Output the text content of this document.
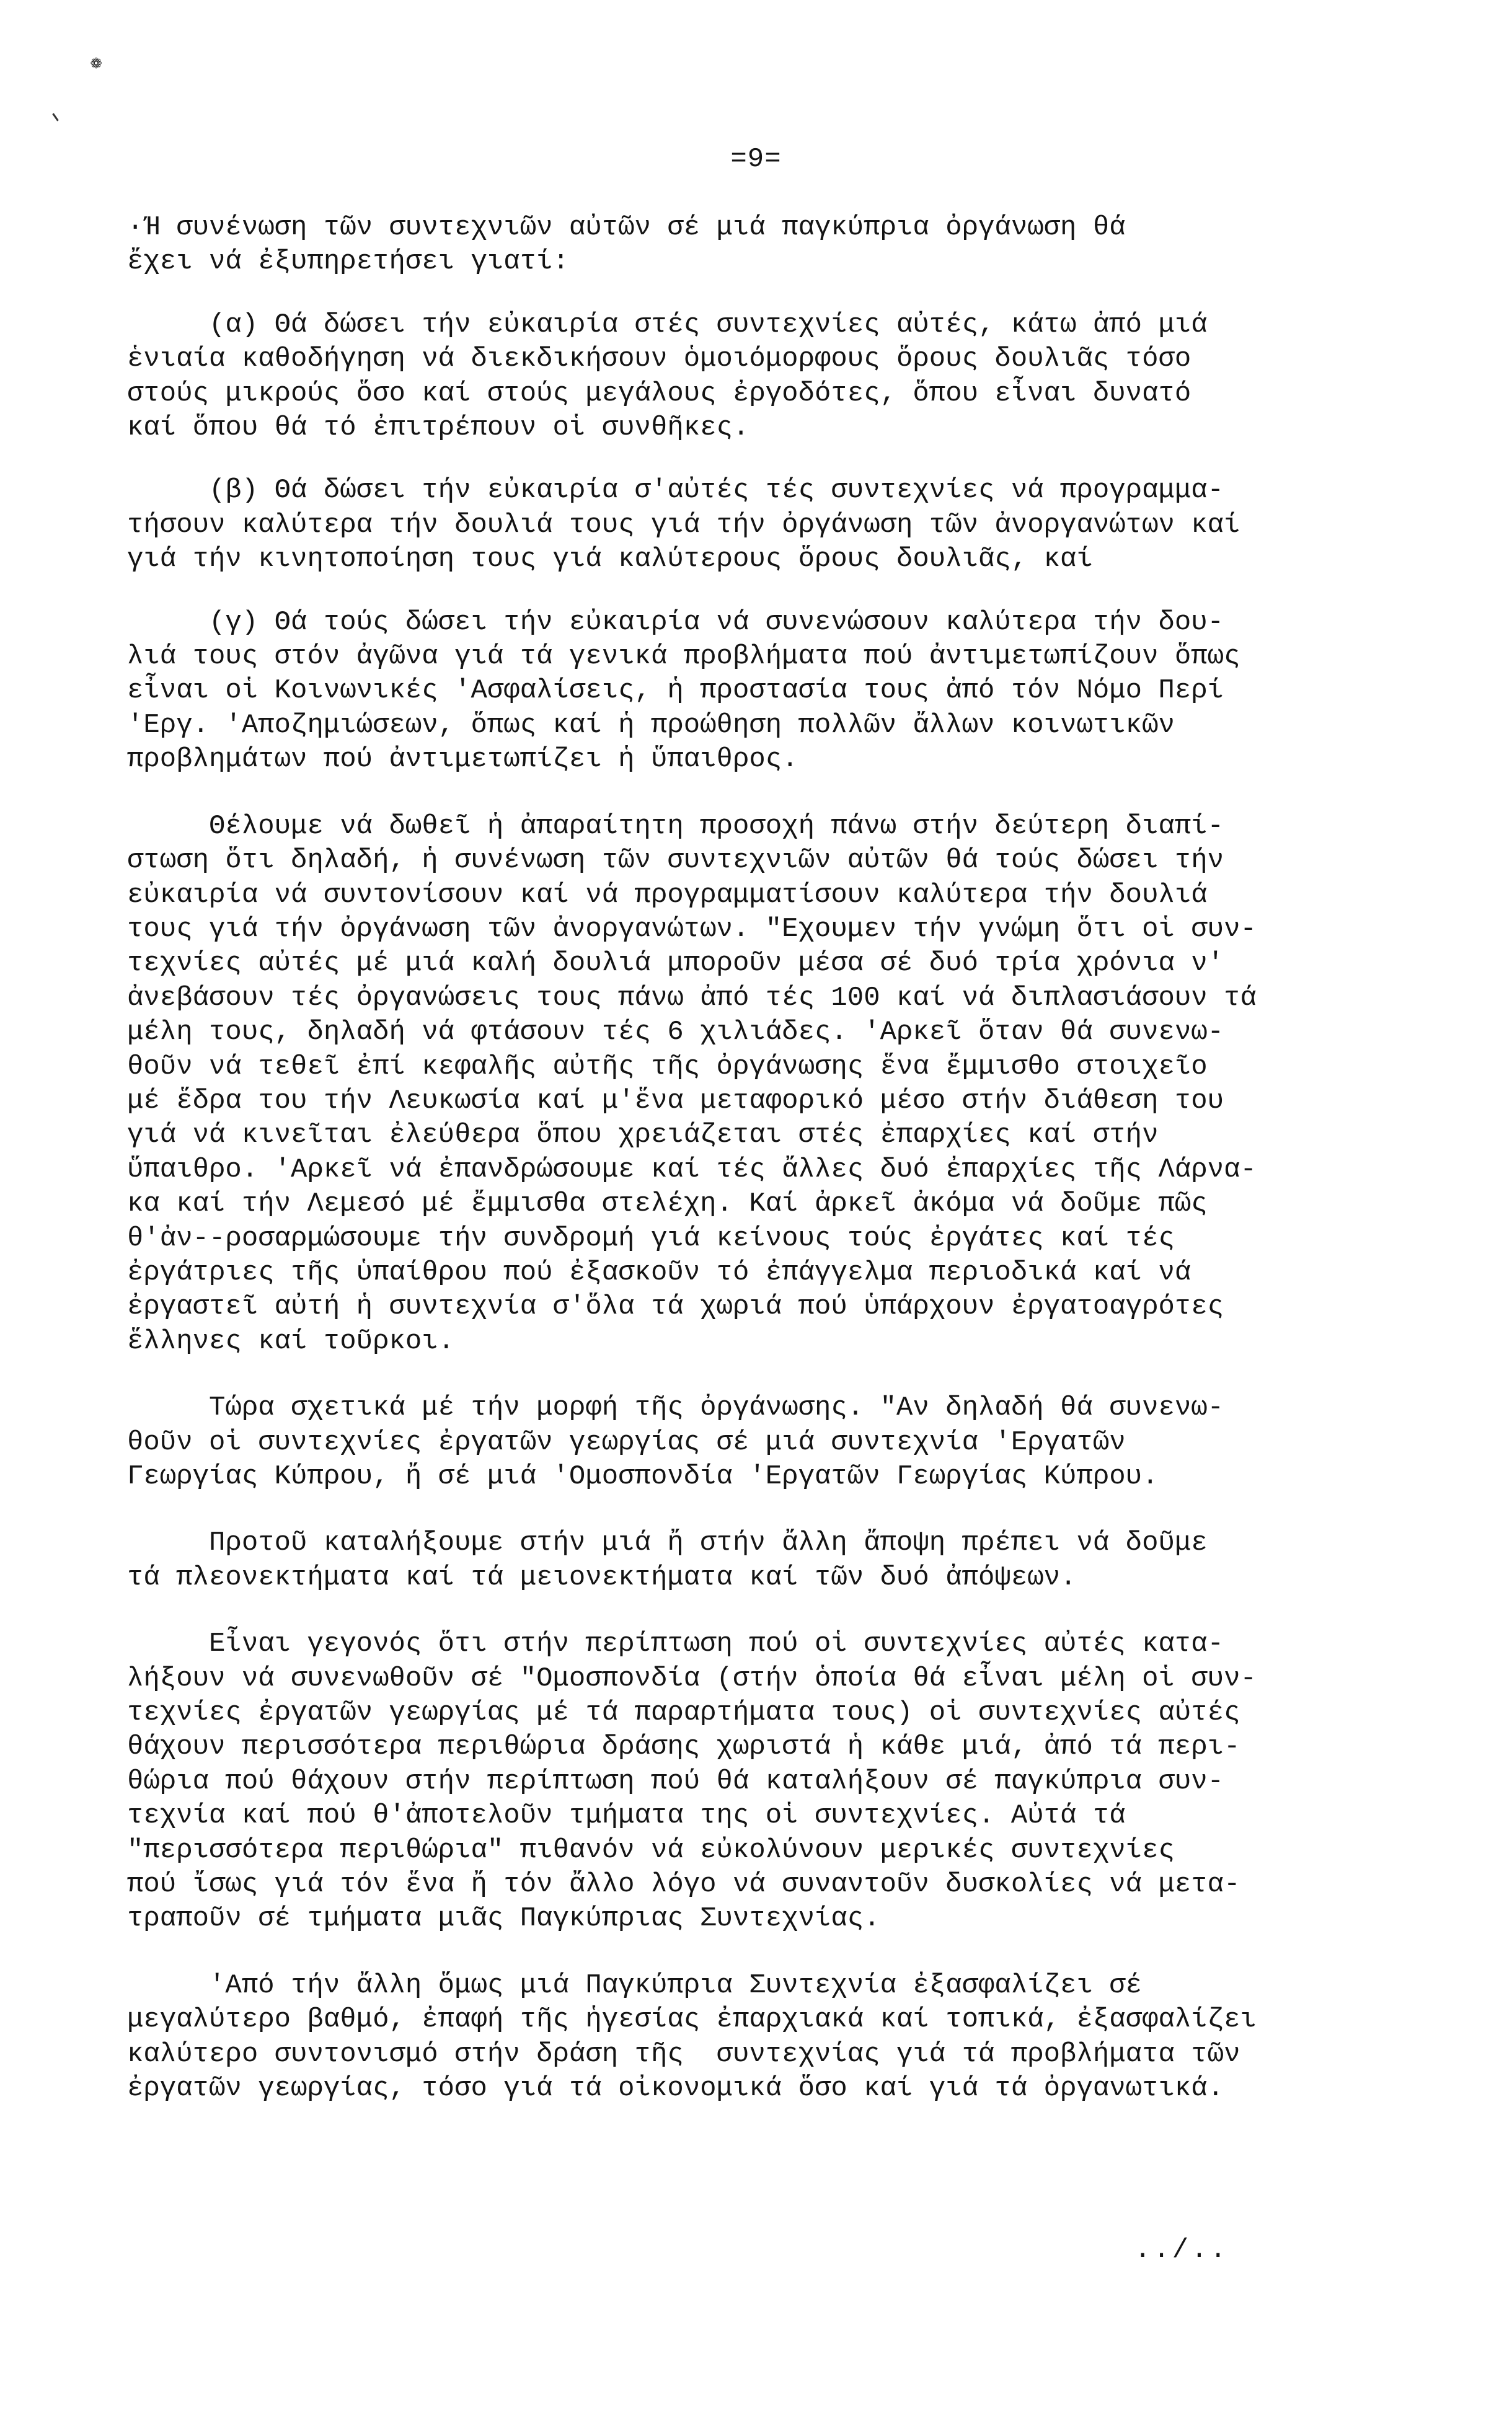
❁
=9=
·Ή συνένωση τῶν συντεχνιῶν αὐτῶν σέ μιά παγκύπρια ὀργάνωση θά
ἔχει νά ἐξυπηρετήσει γιατί:
(α) Θά δώσει τήν εὐκαιρία στές συντεχνίες αὐτές, κάτω ἀπό μιά
ἑνιαία καθοδήγηση νά διεκδικήσουν ὁμοιόμορφους ὅρους δουλιᾶς τόσο
στούς μικρούς ὅσο καί στούς μεγάλους ἐργοδότες, ὅπου εἶναι δυνατό
καί ὅπου θά τό ἐπιτρέπουν οἱ συνθῆκες.
(β) Θά δώσει τήν εὐκαιρία σ'αὐτές τές συντεχνίες νά προγραμμα-
τήσουν καλύτερα τήν δουλιά τους γιά τήν ὀργάνωση τῶν ἀνοργανώτων καί
γιά τήν κινητοποίηση τους γιά καλύτερους ὅρους δουλιᾶς, καί
(γ) Θά τούς δώσει τήν εὐκαιρία νά συνενώσουν καλύτερα τήν δου-
λιά τους στόν ἀγῶνα γιά τά γενικά προβλήματα πού ἀντιμετωπίζουν ὅπως
εἶναι οἱ Κοινωνικές 'Ασφαλίσεις, ἡ προστασία τους ἀπό τόν Νόμο Περί
'Εργ. 'Αποζημιώσεων, ὅπως καί ἡ προώθηση πολλῶν ἄλλων κοινωτικῶν
προβλημάτων πού ἀντιμετωπίζει ἡ ὕπαιθρος.
Θέλουμε νά δωθεῖ ἡ ἀπαραίτητη προσοχή πάνω στήν δεύτερη διαπί-
στωση ὅτι δηλαδή, ἡ συνένωση τῶν συντεχνιῶν αὐτῶν θά τούς δώσει τήν
εὐκαιρία νά συντονίσουν καί νά προγραμματίσουν καλύτερα τήν δουλιά
τους γιά τήν ὀργάνωση τῶν ἀνοργανώτων. "Εχουμεν τήν γνώμη ὅτι οἱ συν-
τεχνίες αὐτές μέ μιά καλή δουλιά μποροῦν μέσα σέ δυό τρία χρόνια ν'
ἀνεβάσουν τές ὀργανώσεις τους πάνω ἀπό τές 100 καί νά διπλασιάσουν τά
μέλη τους, δηλαδή νά φτάσουν τές 6 χιλιάδες. 'Αρκεῖ ὅταν θά συνενω-
θοῦν νά τεθεῖ ἐπί κεφαλῆς αὐτῆς τῆς ὀργάνωσης ἕνα ἔμμισθο στοιχεῖο
μέ ἕδρα του τήν Λευκωσία καί μ'ἕνα μεταφορικό μέσο στήν διάθεση του
γιά νά κινεῖται ἐλεύθερα ὅπου χρειάζεται στές ἐπαρχίες καί στήν
ὕπαιθρο. 'Αρκεῖ νά ἐπανδρώσουμε καί τές ἄλλες δυό ἐπαρχίες τῆς Λάρνα-
κα καί τήν Λεμεσό μέ ἔμμισθα στελέχη. Καί ἀρκεῖ ἀκόμα νά δοῦμε πῶς
θ'ἀν--ροσαρμώσουμε τήν συνδρομή γιά κείνους τούς ἐργάτες καί τές
ἐργάτριες τῆς ὑπαίθρου πού ἐξασκοῦν τό ἐπάγγελμα περιοδικά καί νά
ἐργαστεῖ αὐτή ἡ συντεχνία σ'ὅλα τά χωριά πού ὑπάρχουν ἐργατοαγρότες
ἕλληνες καί τοῦρκοι.
Τώρα σχετικά μέ τήν μορφή τῆς ὀργάνωσης. "Αν δηλαδή θά συνενω-
θοῦν οἱ συντεχνίες ἐργατῶν γεωργίας σέ μιά συντεχνία 'Εργατῶν
Γεωργίας Κύπρου, ἤ σέ μιά 'Ομοσπονδία 'Εργατῶν Γεωργίας Κύπρου.
Προτοῦ καταλήξουμε στήν μιά ἤ στήν ἄλλη ἄποψη πρέπει νά δοῦμε
τά πλεονεκτήματα καί τά μειονεκτήματα καί τῶν δυό ἀπόψεων.
Εἶναι γεγονός ὅτι στήν περίπτωση πού οἱ συντεχνίες αὐτές κατα-
λήξουν νά συνενωθοῦν σέ "Ομοσπονδία (στήν ὁποία θά εἶναι μέλη οἱ συν-
τεχνίες ἐργατῶν γεωργίας μέ τά παραρτήματα τους) οἱ συντεχνίες αὐτές
θάχουν περισσότερα περιθώρια δράσης χωριστά ἡ κάθε μιά, ἀπό τά περι-
θώρια πού θάχουν στήν περίπτωση πού θά καταλήξουν σέ παγκύπρια συν-
τεχνία καί πού θ'ἀποτελοῦν τμήματα της οἱ συντεχνίες. Αὐτά τά
"περισσότερα περιθώρια" πιθανόν νά εὐκολύνουν μερικές συντεχνίες
πού ἴσως γιά τόν ἕνα ἤ τόν ἄλλο λόγο νά συναντοῦν δυσκολίες νά μετα-
τραποῦν σέ τμήματα μιᾶς Παγκύπριας Συντεχνίας.
'Από τήν ἄλλη ὅμως μιά Παγκύπρια Συντεχνία ἐξασφαλίζει σέ
μεγαλύτερο βαθμό, ἐπαφή τῆς ἡγεσίας ἐπαρχιακά καί τοπικά, ἐξασφαλίζει
καλύτερο συντονισμό στήν δράση τῆς  συντεχνίας γιά τά προβλήματα τῶν
ἐργατῶν γεωργίας, τόσο γιά τά οἰκονομικά ὅσο καί γιά τά ὀργανωτικά.
../..
